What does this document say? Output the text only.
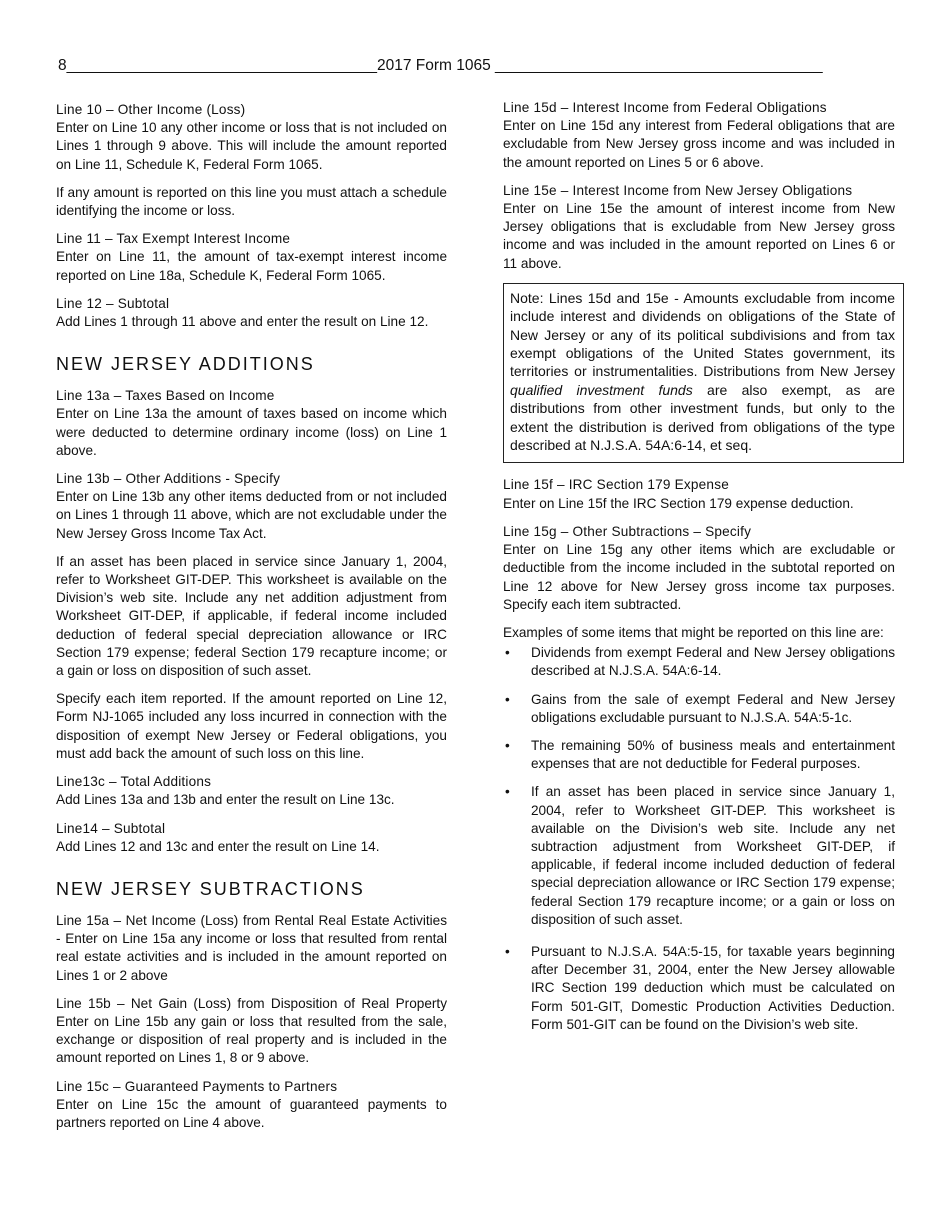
8____________________________________2017 Form 1065 ______________________________________
Line 10 – Other Income (Loss)
Enter on Line 10 any other income or loss that is not included on Lines 1 through 9 above. This will include the amount reported on Line 11, Schedule K, Federal Form 1065.
If any amount is reported on this line you must attach a schedule identifying the income or loss.
Line 11 – Tax Exempt Interest Income
Enter on Line 11, the amount of tax-exempt interest income reported on Line 18a, Schedule K, Federal Form 1065.
Line 12 – Subtotal
Add Lines 1 through 11 above and enter the result on Line 12.
NEW JERSEY ADDITIONS
Line 13a – Taxes Based on Income
Enter on Line 13a the amount of taxes based on income which were deducted to determine ordinary income (loss) on Line 1 above.
Line 13b – Other Additions - Specify
Enter on Line 13b any other items deducted from or not included on Lines 1 through 11 above, which are not excludable under the New Jersey Gross Income Tax Act.
If an asset has been placed in service since January 1, 2004, refer to Worksheet GIT-DEP. This worksheet is available on the Division’s web site. Include any net addition adjustment from Worksheet GIT-DEP, if applicable, if federal income included deduction of federal special depreciation allowance or IRC Section 179 expense; federal Section 179 recapture income; or a gain or loss on disposition of such asset.
Specify each item reported. If the amount reported on Line 12, Form NJ-1065 included any loss incurred in connection with the disposition of exempt New Jersey or Federal obligations, you must add back the amount of such loss on this line.
Line13c – Total Additions
Add Lines 13a and 13b and enter the result on Line 13c.
Line14 – Subtotal
Add Lines 12 and 13c and enter the result on Line 14.
NEW JERSEY SUBTRACTIONS
Line 15a – Net Income (Loss) from Rental Real Estate Activities - Enter on Line 15a any income or loss that resulted from rental real estate activities and is included in the amount reported on Lines 1 or 2 above
Line 15b – Net Gain (Loss) from Disposition of Real Property Enter on Line 15b any gain or loss that resulted from the sale, exchange or disposition of real property and is included in the amount reported on Lines 1, 8 or 9 above.
Line 15c – Guaranteed Payments to Partners
Enter on Line 15c the amount of guaranteed payments to partners reported on Line 4 above.
Line 15d – Interest Income from Federal Obligations
Enter on Line 15d any interest from Federal obligations that are excludable from New Jersey gross income and was included in the amount reported on Lines 5 or 6 above.
Line 15e – Interest Income from New Jersey Obligations
Enter on Line 15e the amount of interest income from New Jersey obligations that is excludable from New Jersey gross income and was included in the amount reported on Lines 6 or 11 above.
Note: Lines 15d and 15e - Amounts excludable from income include interest and dividends on obligations of the State of New Jersey or any of its political subdivisions and from tax exempt obligations of the United States government, its territories or instrumentalities. Distributions from New Jersey qualified investment funds are also exempt, as are distributions from other investment funds, but only to the extent the distribution is derived from obligations of the type described at N.J.S.A. 54A:6-14, et seq.
Line 15f – IRC Section 179 Expense
Enter on Line 15f the IRC Section 179 expense deduction.
Line 15g – Other Subtractions – Specify
Enter on Line 15g any other items which are excludable or deductible from the income included in the subtotal reported on Line 12 above for New Jersey gross income tax purposes. Specify each item subtracted.
Examples of some items that might be reported on this line are:
• Dividends from exempt Federal and New Jersey obligations described at N.J.S.A. 54A:6-14.
• Gains from the sale of exempt Federal and New Jersey obligations excludable pursuant to N.J.S.A. 54A:5-1c.
• The remaining 50% of business meals and entertainment expenses that are not deductible for Federal purposes.
• If an asset has been placed in service since January 1, 2004, refer to Worksheet GIT-DEP. This worksheet is available on the Division’s web site. Include any net subtraction adjustment from Worksheet GIT-DEP, if applicable, if federal income included deduction of federal special depreciation allowance or IRC Section 179 expense; federal Section 179 recapture income; or a gain or loss on disposition of such asset.
• Pursuant to N.J.S.A. 54A:5-15, for taxable years beginning after December 31, 2004, enter the New Jersey allowable IRC Section 199 deduction which must be calculated on Form 501-GIT, Domestic Production Activities Deduction. Form 501-GIT can be found on the Division’s web site.
